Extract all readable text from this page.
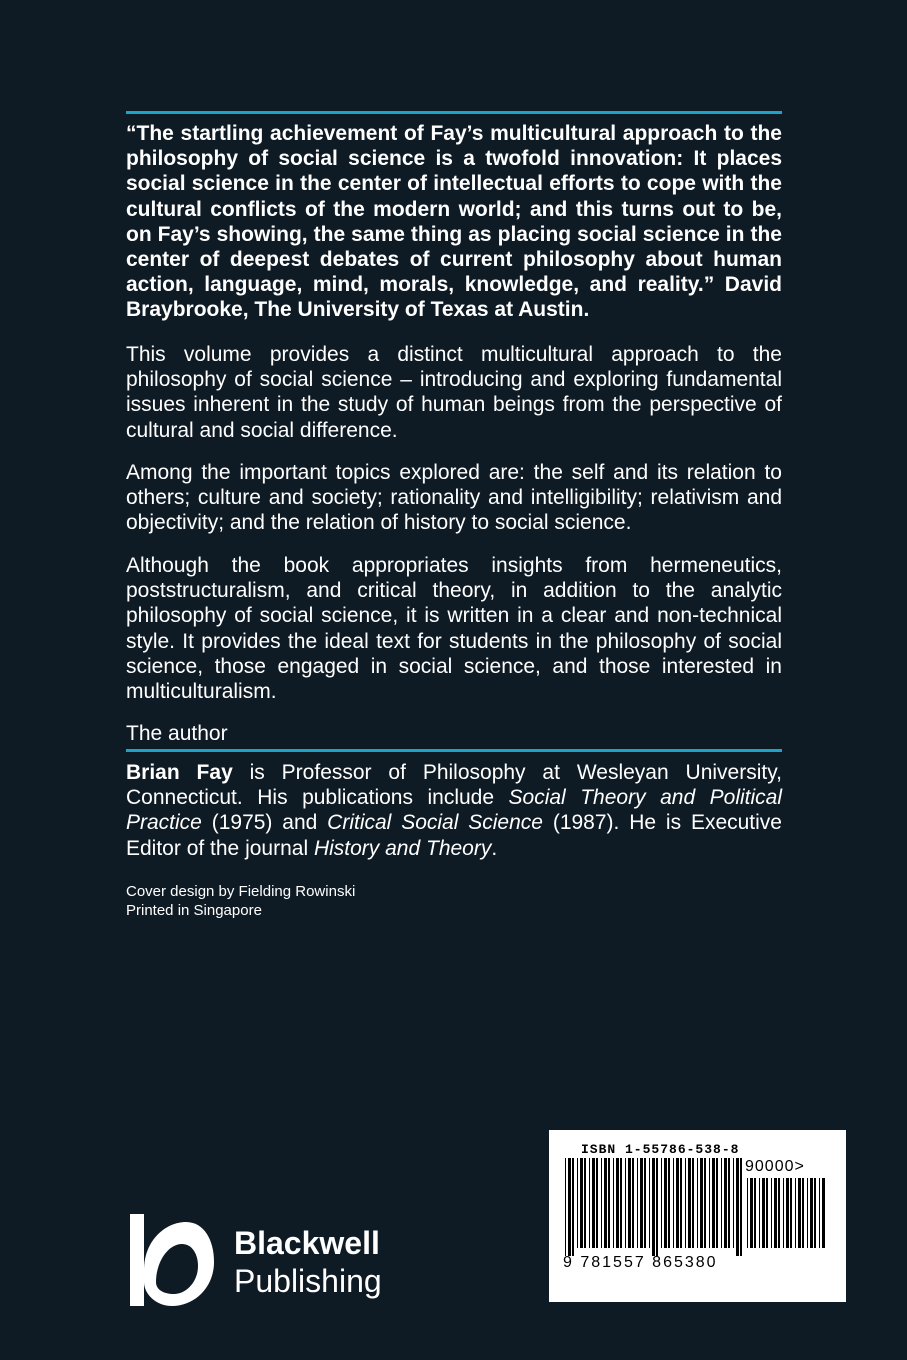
“The startling achievement of Fay’s multicultural approach to the philosophy of social science is a twofold innovation: It places social science in the center of intellectual efforts to cope with the cultural conflicts of the modern world; and this turns out to be, on Fay’s showing, the same thing as placing social science in the center of deepest debates of current philosophy about human action, language, mind, morals, knowledge, and reality.” David Braybrooke, The University of Texas at Austin.
This volume provides a distinct multicultural approach to the philosophy of social science – introducing and exploring fundamental issues inherent in the study of human beings from the perspective of cultural and social difference.
Among the important topics explored are: the self and its relation to others; culture and society; rationality and intelligibility; relativism and objectivity; and the relation of history to social science.
Although the book appropriates insights from hermeneutics, poststructuralism, and critical theory, in addition to the analytic philosophy of social science, it is written in a clear and non-technical style. It provides the ideal text for students in the philosophy of social science, those engaged in social science, and those interested in multiculturalism.
The author
Brian Fay is Professor of Philosophy at Wesleyan University, Connecticut. His publications include Social Theory and Political Practice (1975) and Critical Social Science (1987). He is Executive Editor of the journal History and Theory.
Cover design by Fielding Rowinski
Printed in Singapore
Blackwell
Publishing
ISBN 1-55786-538-8
9 781557 865380
90000>
